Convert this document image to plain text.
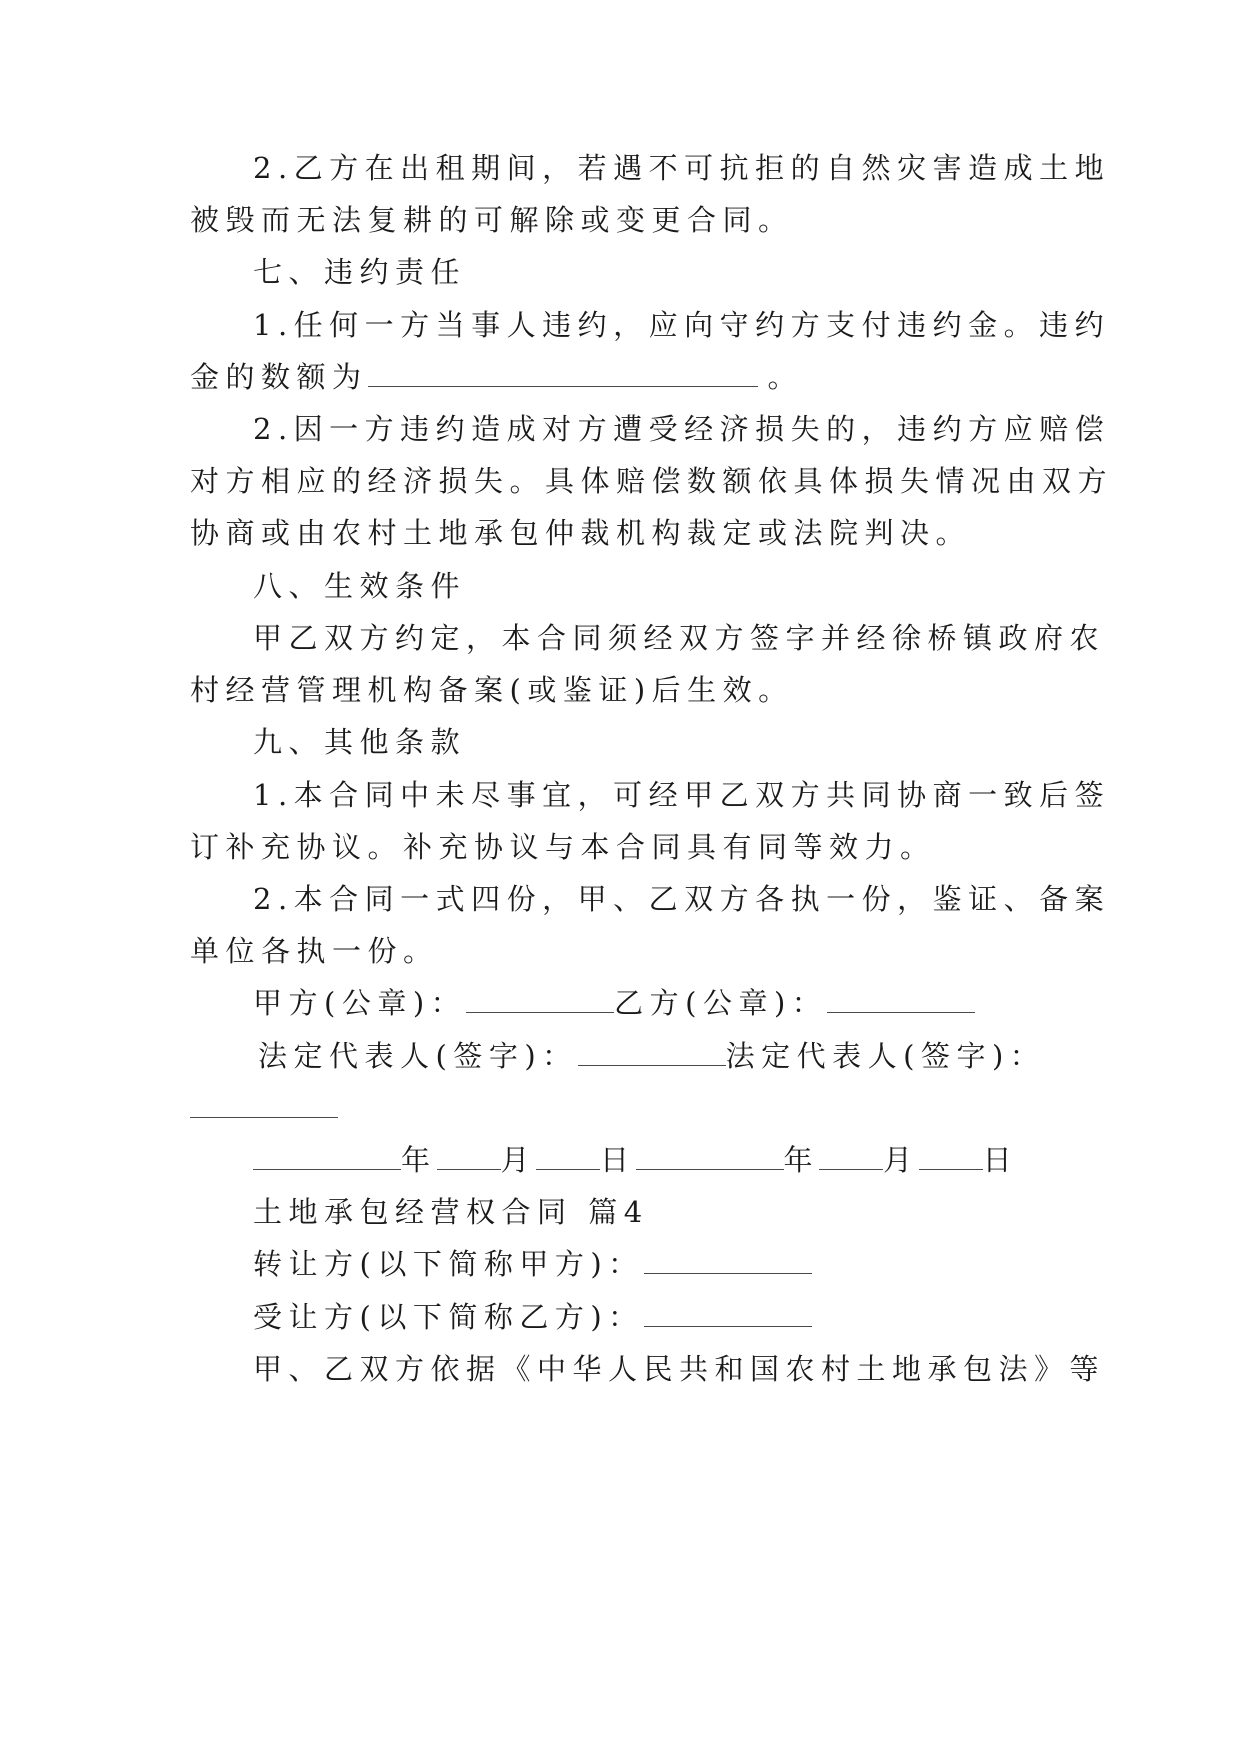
2.乙方在出租期间，若遇不可抗拒的自然灾害造成土地
被毁而无法复耕的可解除或变更合同。
七、违约责任
1.任何一方当事人违约，应向守约方支付违约金。违约
金的数额为	。
2.因一方违约造成对方遭受经济损失的，违约方应赔偿
对方相应的经济损失。具体赔偿数额依具体损失情况由双方
协商或由农村土地承包仲裁机构裁定或法院判决。
八、生效条件
甲乙双方约定，本合同须经双方签字并经徐桥镇政府农
村经营管理机构备案(或鉴证)后生效。
九、其他条款
1.本合同中未尽事宜，可经甲乙双方共同协商一致后签
订补充协议。补充协议与本合同具有同等效力。
2.本合同一式四份，甲、乙双方各执一份，鉴证、备案
单位各执一份。
甲方(公章)：	乙方(公章)：
法定代表人(签字)：	法定代表人(签字)：
年 月 日	年 月 日
土地承包经营权合同 篇4
转让方(以下简称甲方)：
受让方(以下简称乙方)：
甲、乙双方依据《中华人民共和国农村土地承包法》等
